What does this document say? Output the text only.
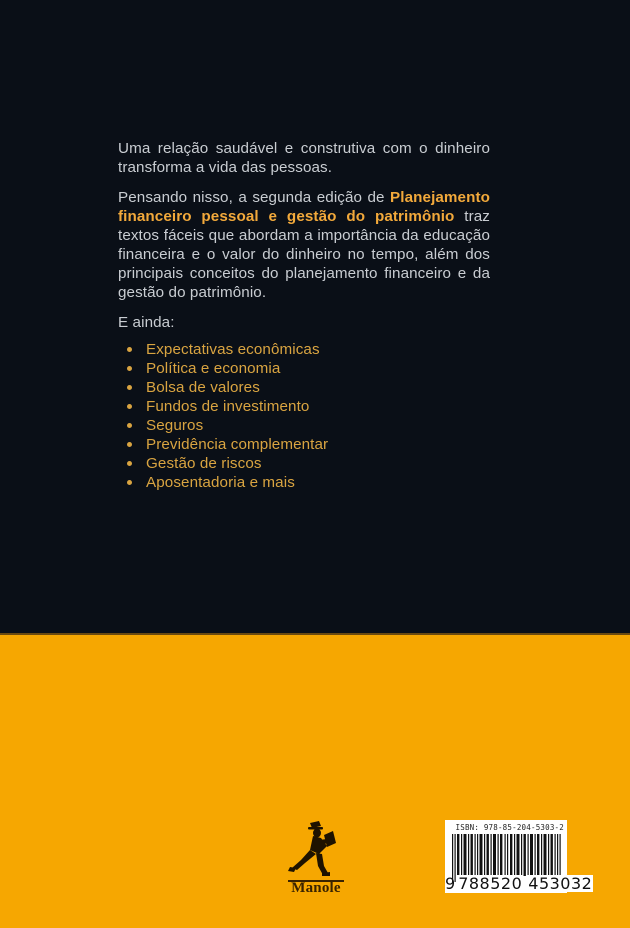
Uma relação saudável e construtiva com o dinheiro transforma a vida das pessoas.

Pensando nisso, a segunda edição de Planejamento financeiro pessoal e gestão do patrimônio traz textos fáceis que abordam a importância da educação financeira e o valor do dinheiro no tempo, além dos principais conceitos do planejamento financeiro e da gestão do patrimônio.

E ainda:

Expectativas econômicas
Política e economia
Bolsa de valores
Fundos de investimento
Seguros
Previdência complementar
Gestão de riscos
Aposentadoria e mais
Manole
ISBN: 978-85-204-5303-2
9 788520 453032
